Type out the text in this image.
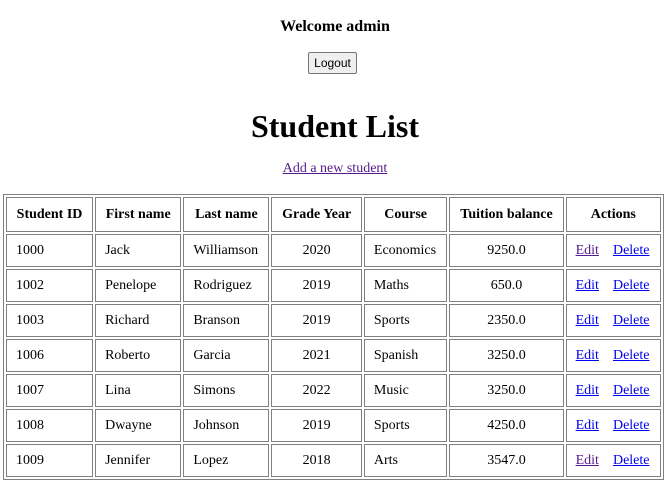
Welcome admin
Logout
Student List
Add a new student
Student ID	First name	Last name	Grade Year	Course	Tuition balance	Actions
1000	Jack	Williamson	2020	Economics	9250.0	Edit Delete
1002	Penelope	Rodriguez	2019	Maths	650.0	Edit Delete
1003	Richard	Branson	2019	Sports	2350.0	Edit Delete
1006	Roberto	Garcia	2021	Spanish	3250.0	Edit Delete
1007	Lina	Simons	2022	Music	3250.0	Edit Delete
1008	Dwayne	Johnson	2019	Sports	4250.0	Edit Delete
1009	Jennifer	Lopez	2018	Arts	3547.0	Edit Delete
